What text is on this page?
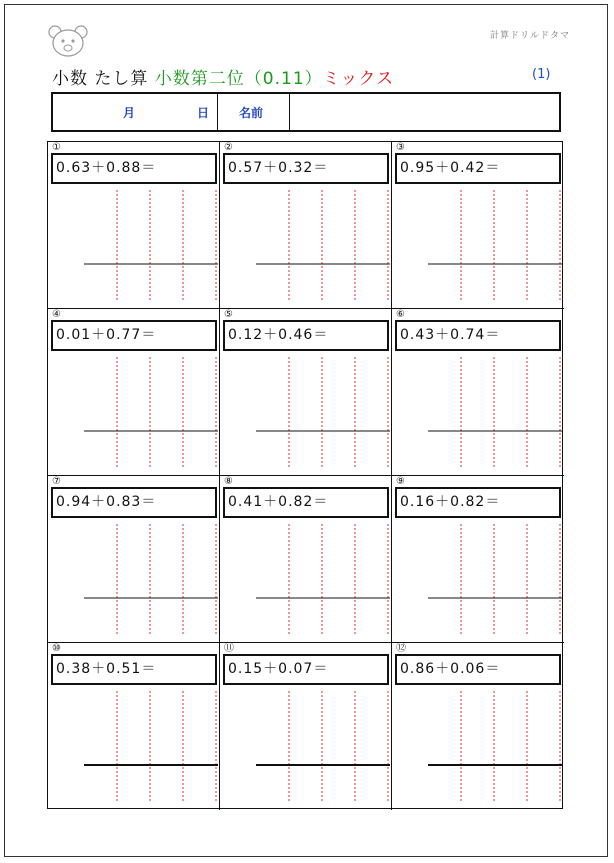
計算ドリルドタマ
小数 たし算 小数第二位（0.11）ミックス	(1)
月	日 名前
①
0.63＋0.88＝
②
0.57＋0.32＝
③
0.95＋0.42＝
④
0.01＋0.77＝
⑤
0.12＋0.46＝
⑥
0.43＋0.74＝
⑦
0.94＋0.83＝
⑧
0.41＋0.82＝
⑨
0.16＋0.82＝
⑩
0.38＋0.51＝
⑪
0.15＋0.07＝
⑫
0.86＋0.06＝
